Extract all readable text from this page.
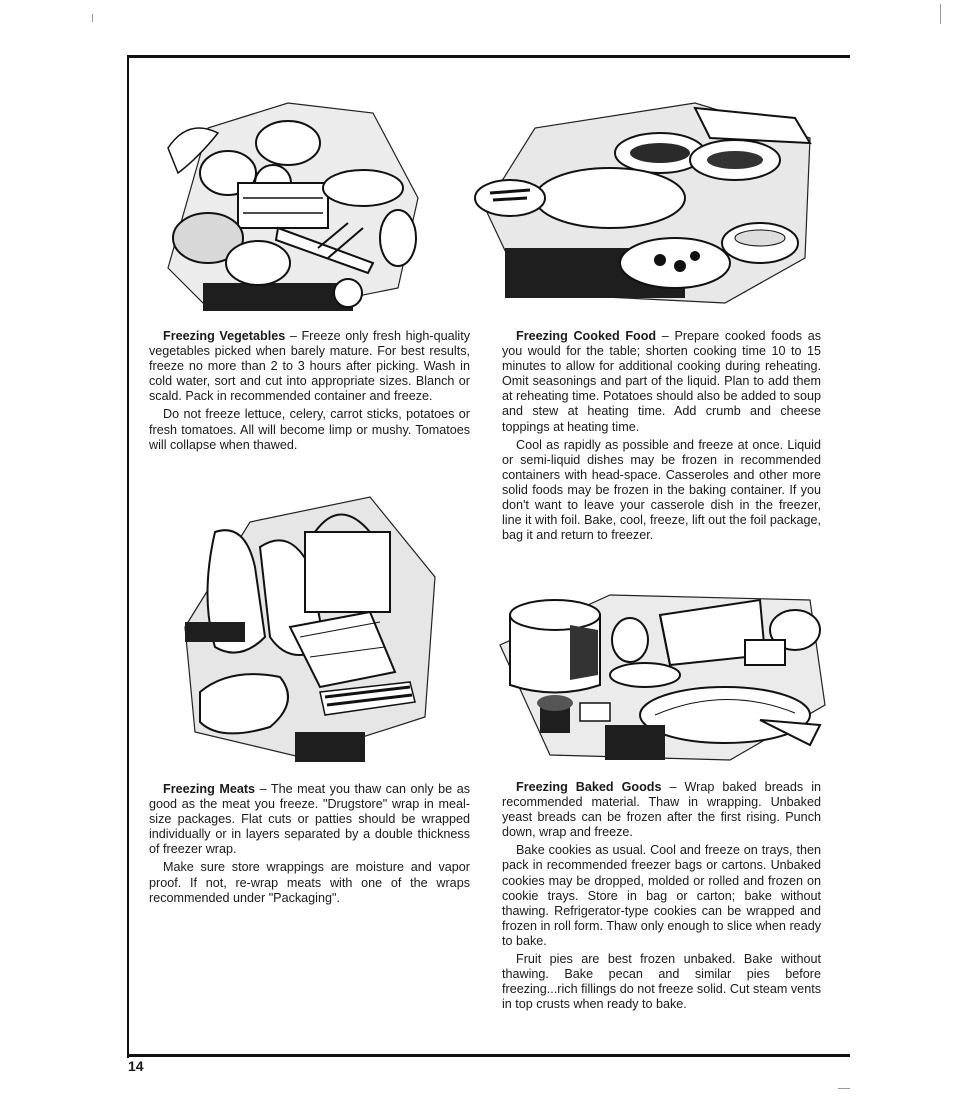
Freezing Vegetables – Freeze only fresh high-quality vegetables picked when barely mature. For best results, freeze no more than 2 to 3 hours after picking. Wash in cold water, sort and cut into appropriate sizes. Blanch or scald. Pack in recommended container and freeze.

Do not freeze lettuce, celery, carrot sticks, potatoes or fresh tomatoes. All will become limp or mushy. Tomatoes will collapse when thawed.

Freezing Cooked Food – Prepare cooked foods as you would for the table; shorten cooking time 10 to 15 minutes to allow for additional cooking during reheating. Omit seasonings and part of the liquid. Plan to add them at reheating time. Potatoes should also be added to soup and stew at heating time. Add crumb and cheese toppings at heating time.

Cool as rapidly as possible and freeze at once. Liquid or semi-liquid dishes may be frozen in recommended containers with head-space. Casseroles and other more solid foods may be frozen in the baking container. If you don't want to leave your casserole dish in the freezer, line it with foil. Bake, cool, freeze, lift out the foil package, bag it and return to freezer.

Freezing Meats – The meat you thaw can only be as good as the meat you freeze. "Drugstore" wrap in meal-size packages. Flat cuts or patties should be wrapped individually or in layers separated by a double thickness of freezer wrap.

Make sure store wrappings are moisture and vapor proof. If not, re-wrap meats with one of the wraps recommended under "Packaging".

Freezing Baked Goods – Wrap baked breads in recommended material. Thaw in wrapping. Unbaked yeast breads can be frozen after the first rising. Punch down, wrap and freeze.

Bake cookies as usual. Cool and freeze on trays, then pack in recommended freezer bags or cartons. Unbaked cookies may be dropped, molded or rolled and frozen on cookie trays. Store in bag or carton; bake without thawing. Refrigerator-type cookies can be wrapped and frozen in roll form. Thaw only enough to slice when ready to bake.

Fruit pies are best frozen unbaked. Bake without thawing. Bake pecan and similar pies before freezing...rich fillings do not freeze solid. Cut steam vents in top crusts when ready to bake.

14
